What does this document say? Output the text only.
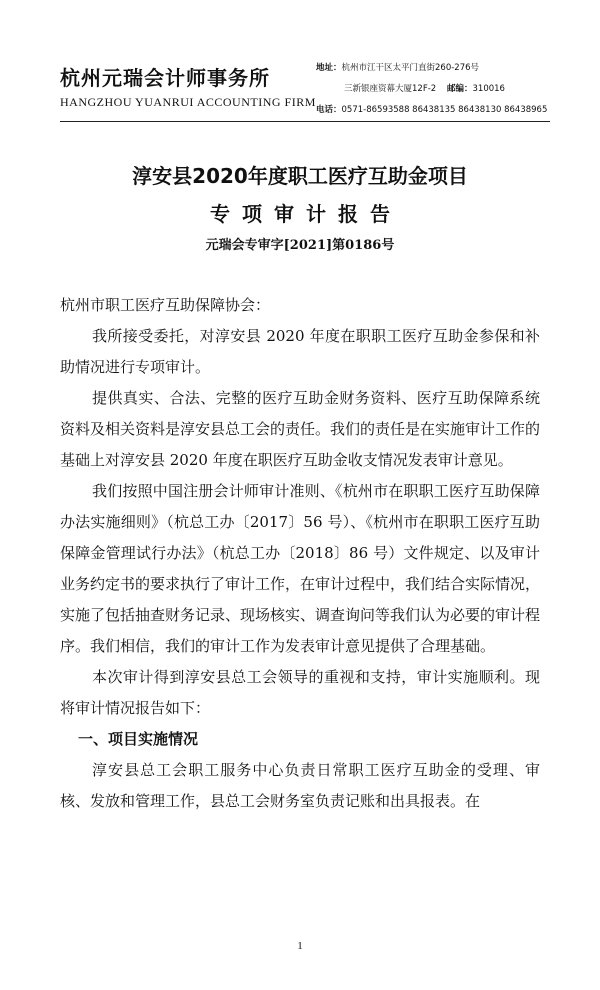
杭州元瑞会计师事务所
HANGZHOU YUANRUI ACCOUNTING FIRM
地址：杭州市江干区太平门直街260-276号
三新银座资幕大厦12F-2 邮编：310016
电话：0571-86593588 86438135 86438130 86438965
淳安县2020年度职工医疗互助金项目
专项审计报告
元瑞会专审字[2021]第0186号

杭州市职工医疗互助保障协会：

我所接受委托，对淳安县 2020 年度在职职工医疗互助金参保和补助情况进行专项审计。

提供真实、合法、完整的医疗互助金财务资料、医疗互助保障系统资料及相关资料是淳安县总工会的责任。我们的责任是在实施审计工作的基础上对淳安县 2020 年度在职医疗互助金收支情况发表审计意见。

我们按照中国注册会计师审计准则、《杭州市在职职工医疗互助保障办法实施细则》（杭总工办〔2017〕56 号）、《杭州市在职职工医疗互助保障金管理试行办法》（杭总工办〔2018〕86 号）文件规定、以及审计业务约定书的要求执行了审计工作，在审计过程中，我们结合实际情况，实施了包括抽查财务记录、现场核实、调查询问等我们认为必要的审计程序。我们相信，我们的审计工作为发表审计意见提供了合理基础。

本次审计得到淳安县总工会领导的重视和支持，审计实施顺利。现将审计情况报告如下：

一、项目实施情况

淳安县总工会职工服务中心负责日常职工医疗互助金的受理、审核、发放和管理工作，县总工会财务室负责记账和出具报表。在

1
